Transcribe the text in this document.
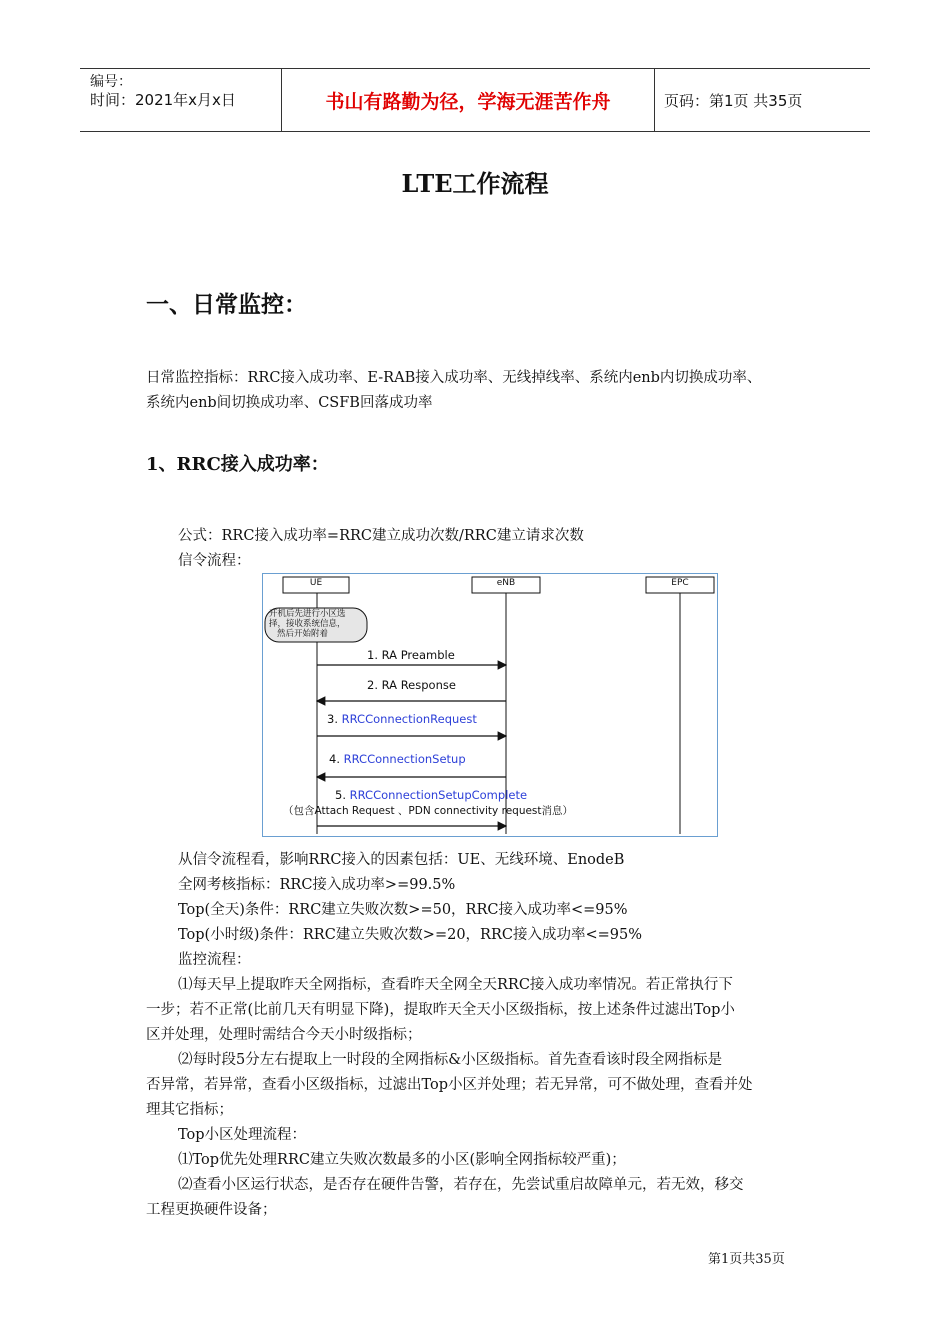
编号：
时间：2021年x月x日	书山有路勤为径，学海无涯苦作舟	页码：第1页 共35页
LTE工作流程
一、日常监控：
日常监控指标：RRC接入成功率、E-RAB接入成功率、无线掉线率、系统内enb内切换成功率、
系统内enb间切换成功率、CSFB回落成功率
1、RRC接入成功率：
公式：RRC接入成功率=RRC建立成功次数/RRC建立请求次数
信令流程：
UE	eNB	EPC
开机后先进行小区选
择，接收系统信息，
然后开始附着
1. RA Preamble
2. RA Response
3. RRCConnectionRequest
4. RRCConnectionSetup
5. RRCConnectionSetupComplete
（包含Attach Request 、PDN connectivity request消息）
从信令流程看，影响RRC接入的因素包括：UE、无线环境、EnodeB
全网考核指标：RRC接入成功率>=99.5%
Top(全天)条件：RRC建立失败次数>=50，RRC接入成功率<=95%
Top(小时级)条件：RRC建立失败次数>=20，RRC接入成功率<=95%
监控流程：
⑴每天早上提取昨天全网指标，查看昨天全网全天RRC接入成功率情况。若正常执行下
一步；若不正常(比前几天有明显下降)，提取昨天全天小区级指标，按上述条件过滤出Top小
区并处理，处理时需结合今天小时级指标；
⑵每时段5分左右提取上一时段的全网指标&小区级指标。首先查看该时段全网指标是
否异常，若异常，查看小区级指标，过滤出Top小区并处理；若无异常，可不做处理，查看并处
理其它指标；
Top小区处理流程：
⑴Top优先处理RRC建立失败次数最多的小区(影响全网指标较严重)；
⑵查看小区运行状态，是否存在硬件告警，若存在，先尝试重启故障单元，若无效，移交
工程更换硬件设备；
第1页共35页
